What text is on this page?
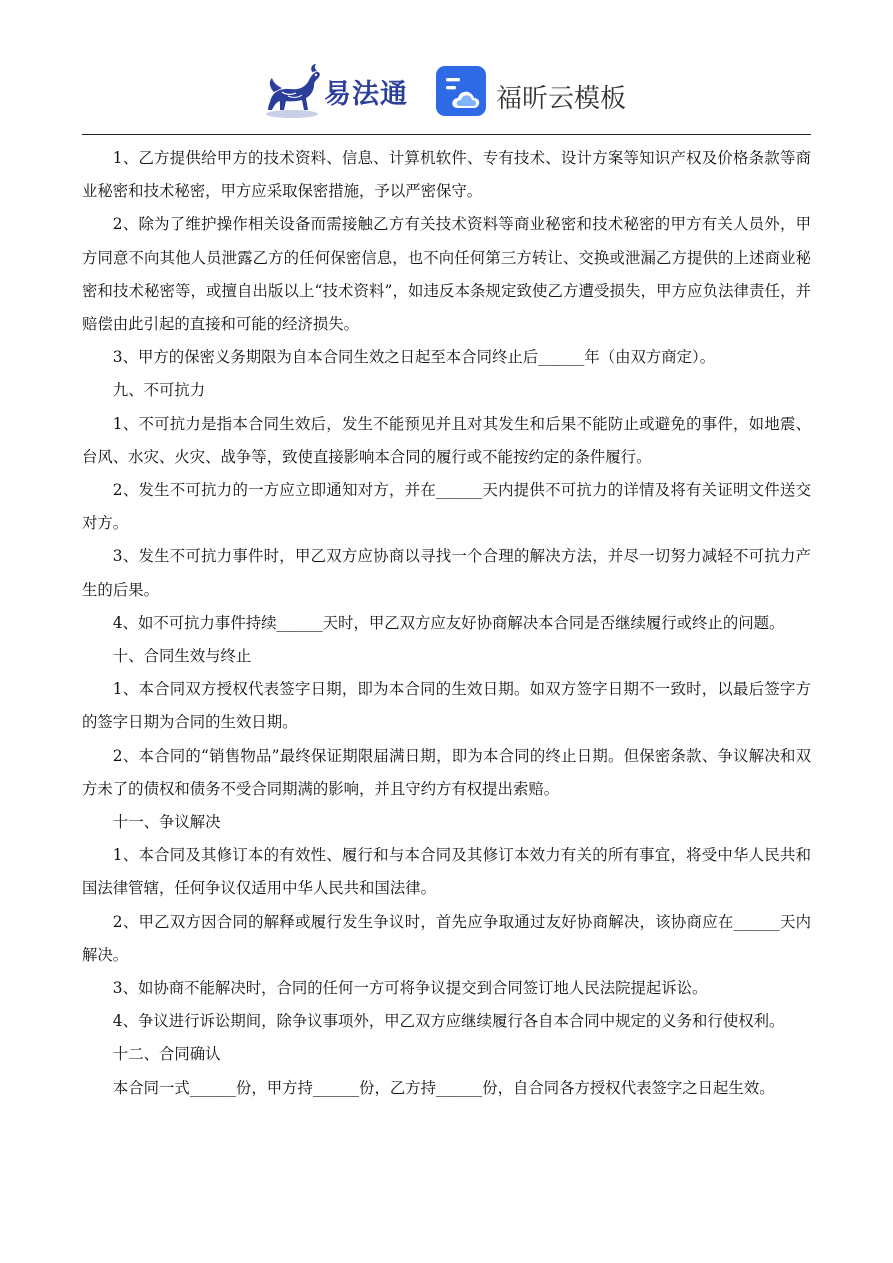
易法通	福昕云模板

1、乙方提供给甲方的技术资料、信息、计算机软件、专有技术、设计方案等知识产权及价格条款等商业秘密和技术秘密，甲方应采取保密措施，予以严密保守。

2、除为了维护操作相关设备而需接触乙方有关技术资料等商业秘密和技术秘密的甲方有关人员外，甲方同意不向其他人员泄露乙方的任何保密信息，也不向任何第三方转让、交换或泄漏乙方提供的上述商业秘密和技术秘密等，或擅自出版以上“技术资料”，如违反本条规定致使乙方遭受损失，甲方应负法律责任，并赔偿由此引起的直接和可能的经济损失。

3、甲方的保密义务期限为自本合同生效之日起至本合同终止后______年（由双方商定）。

九、不可抗力

1、不可抗力是指本合同生效后，发生不能预见并且对其发生和后果不能防止或避免的事件，如地震、台风、水灾、火灾、战争等，致使直接影响本合同的履行或不能按约定的条件履行。

2、发生不可抗力的一方应立即通知对方，并在______天内提供不可抗力的详情及将有关证明文件送交对方。

3、发生不可抗力事件时，甲乙双方应协商以寻找一个合理的解决方法，并尽一切努力减轻不可抗力产生的后果。

4、如不可抗力事件持续______天时，甲乙双方应友好协商解决本合同是否继续履行或终止的问题。

十、合同生效与终止

1、本合同双方授权代表签字日期，即为本合同的生效日期。如双方签字日期不一致时，以最后签字方的签字日期为合同的生效日期。

2、本合同的“销售物品”最终保证期限届满日期，即为本合同的终止日期。但保密条款、争议解决和双方未了的债权和债务不受合同期满的影响，并且守约方有权提出索赔。

十一、争议解决

1、本合同及其修订本的有效性、履行和与本合同及其修订本效力有关的所有事宜，将受中华人民共和国法律管辖，任何争议仅适用中华人民共和国法律。

2、甲乙双方因合同的解释或履行发生争议时，首先应争取通过友好协商解决，该协商应在______天内解决。

3、如协商不能解决时，合同的任何一方可将争议提交到合同签订地人民法院提起诉讼。

4、争议进行诉讼期间，除争议事项外，甲乙双方应继续履行各自本合同中规定的义务和行使权利。

十二、合同确认

本合同一式______份，甲方持______份，乙方持______份，自合同各方授权代表签字之日起生效。
